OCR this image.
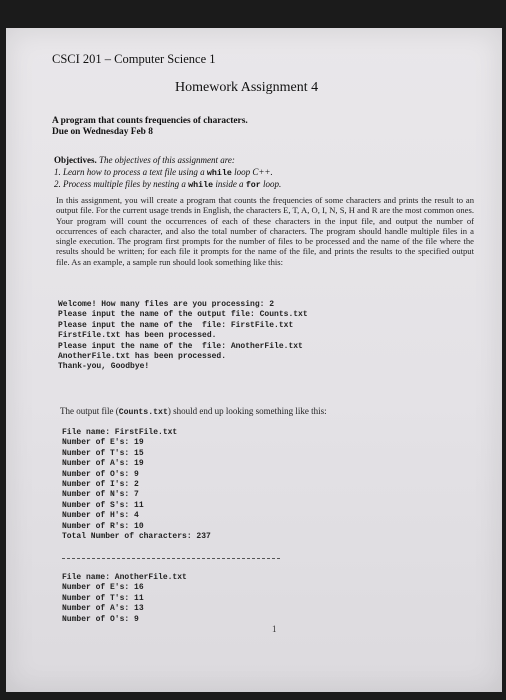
CSCI 201 – Computer Science 1
Homework Assignment 4
A program that counts frequencies of characters.
Due on Wednesday Feb 8
Objectives. The objectives of this assignment are:
1. Learn how to process a text file using a while loop C++.
2. Process multiple files by nesting a while inside a for loop.
In this assignment, you will create a program that counts the frequencies of some characters and prints the result to an output file. For the current usage trends in English, the characters E, T, A, O, I, N, S, H and R are the most common ones. Your program will count the occurrences of each of these characters in the input file, and output the number of occurrences of each character, and also the total number of characters. The program should handle multiple files in a single execution. The program first prompts for the number of files to be processed and the name of the file where the results should be written; for each file it prompts for the name of the file, and prints the results to the specified output file. As an example, a sample run should look something like this:
Welcome! How many files are you processing: 2
Please input the name of the output file: Counts.txt
Please input the name of the  file: FirstFile.txt
FirstFile.txt has been processed.
Please input the name of the  file: AnotherFile.txt
AnotherFile.txt has been processed.
Thank-you, Goodbye!
The output file (Counts.txt) should end up looking something like this:
File name: FirstFile.txt
Number of E's: 19
Number of T's: 15
Number of A's: 19
Number of O's: 9
Number of I's: 2
Number of N's: 7
Number of S's: 11
Number of H's: 4
Number of R's: 10
Total Number of characters: 237
File name: AnotherFile.txt
Number of E's: 16
Number of T's: 11
Number of A's: 13
Number of O's: 9
1
